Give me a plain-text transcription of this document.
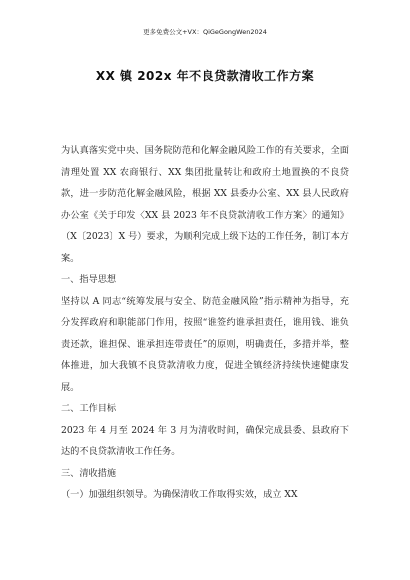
更多免费公文+VX：QiGeGongWen2024
XX 镇 202x 年不良贷款清收工作方案

为认真落实党中央、国务院防范和化解金融风险工作的有关要求，全面清理处置 XX 农商银行、XX 集团批量转让和政府土地置换的不良贷款，进一步防范化解金融风险，根据 XX 县委办公室、XX 县人民政府办公室《关于印发〈XX 县 2023 年不良贷款清收工作方案〉的通知》（X〔2023〕X 号）要求，为顺利完成上级下达的工作任务，制订本方案。

一、指导思想

坚持以 A 同志“统筹发展与安全、防范金融风险”指示精神为指导，充分发挥政府和职能部门作用，按照“谁签约谁承担责任，谁用钱、谁负责还款，谁担保、谁承担连带责任”的原则，明确责任，多措并举，整体推进，加大我镇不良贷款清收力度，促进全镇经济持续快速健康发展。

二、工作目标

2023 年 4 月至 2024 年 3 月为清收时间，确保完成县委、县政府下达的不良贷款清收工作任务。

三、清收措施

（一）加强组织领导。为确保清收工作取得实效，成立 XX
